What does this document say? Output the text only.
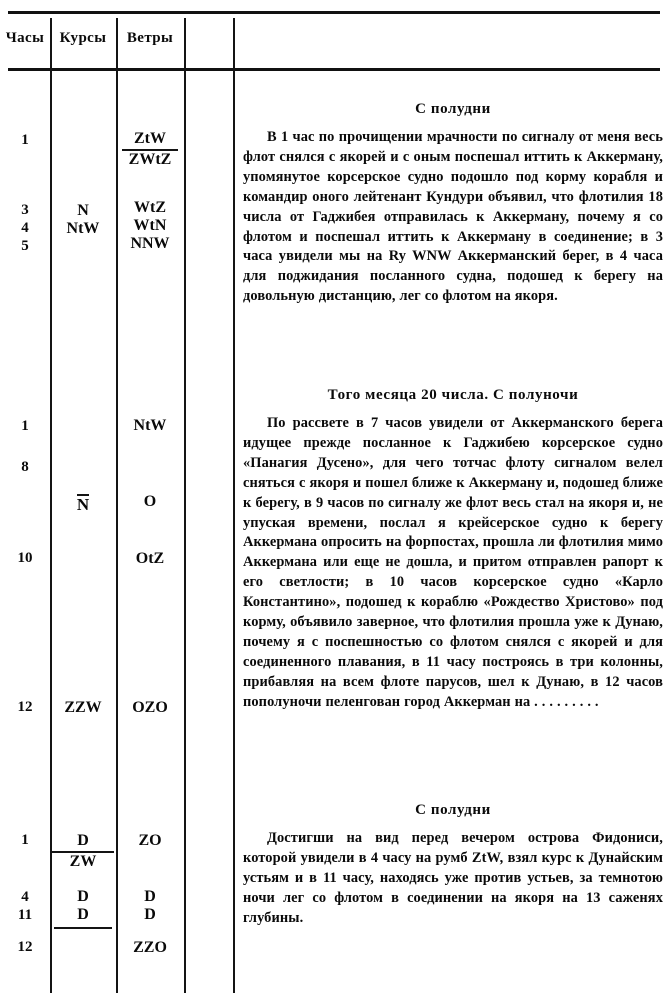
Часы	Курсы	Ветры
1
3
4
5
1
8
10
12
1
4
11
12
N
NtW
N
ZZW
D
ZW
D
D
ZtW
ZWtZ
WtZ
WtN
NNW
NtW
O
OtZ
OZO
ZO
D
D
ZZO
С полудни
В 1 час по прочищении мрачности по сигналу от меня весь флот снялся с якорей и с оным поспешал иттить к Аккерману, упомянутое корсерское судно подошло под корму корабля и командир оного лейтенант Кундури объявил, что флотилия 18 числа от Гаджибея отправилась к Аккерману, почему я со флотом и поспешал иттить к Аккерману в соединение; в 3 часа увидели мы на Ry WNW Аккерманский берег, в 4 часа для поджидания посланного судна, подошед к берегу на довольную дистанцию, лег со флотом на якоря.
Того месяца 20 числа. С полуночи
По рассвете в 7 часов увидели от Аккерманского берега идущее прежде посланное к Гаджибею корсерское судно «Панагия Дусено», для чего тотчас флоту сигналом велел сняться с якоря и пошел ближе к Аккерману и, подошед ближе к берегу, в 9 часов по сигналу же флот весь стал на якоря и, не упуская времени, послал я крейсерское судно к берегу Аккермана опросить на форпостах, прошла ли флотилия мимо Аккермана или еще не дошла, и притом отправлен рапорт к его светлости; в 10 часов корсерское судно «Карло Константино», подошед к кораблю «Рождество Христово» под корму, объявило заверное, что флотилия прошла уже к Дунаю, почему я с поспешностью со флотом снялся с якорей и для соединенного плавания, в 11 часу построясь в три колонны, прибавляя на всем флоте парусов, шел к Дунаю, в 12 часов пополуночи пеленгован город Аккерман на . . . . . . . . .
С полудни
Достигши на вид перед вечером острова Фидониси, которой увидели в 4 часу на румб ZtW, взял курс к Дунайским устьям и в 11 часу, находясь уже против устьев, за темнотою ночи лег со флотом в соединении на якоря на 13 саженях глубины.
